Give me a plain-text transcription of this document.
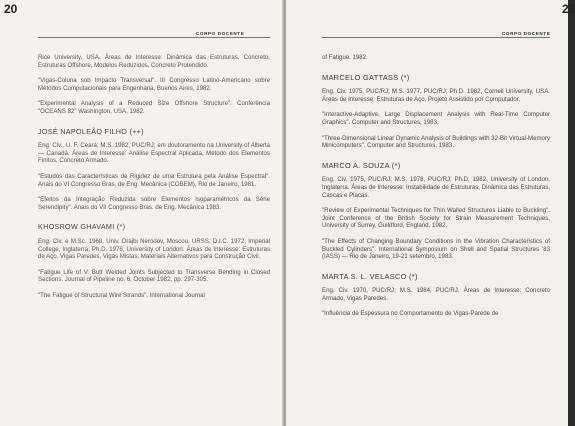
20
CORPO DOCENTE
Rice University, USA. Áreas de Interesse: Dinâmica das Estruturas, Concreto, Estruturas Offshore, Modelos Reduzidos, Concreto Protendido.
"Vigas-Coluna sob Impacto Transversal". III Congresso Latino-Americano sobre Métodos Computacionais para Engenharia, Buenos Aires, 1982.
"Experimental Analysis of a Reduced Size Offshore Structure". Conferência "OCEANS 82" Washington, USA, 1982.
JOSÉ NAPOLEÃO FILHO (++)
Eng. Civ., U. F. Ceará; M.S. 1982, PUC/RJ; em doutoramento na University of Alberta — Canadá. Áreas de Interesse: Análise Espectral Aplicada, Método dos Elementos Finitos, Concreto Armado.
"Estudos das Características de Rigidez de uma Estrutura pela Análise Espectral". Anais do VI Congresso Bras. de Eng. Mecânica (COBEM), Rio de Janeiro, 1981.
"Efeitos da Integração Reduzida sobre Elementos Isoparamétricos da Série Serendipity". Anais do VII Congresso Bras. de Eng. Mecânica 1983.
KHOSROW GHAVAMI (*)
Eng. Civ. e M.Sc. 1968, Univ. Drajbi Nerodov, Moscou, URSS; D.I.C. 1972, Imperial College, Inglaterra; Ph.D. 1976, University of London. Áreas de Interesse: Estruturas de Aço, Vigas Paredes, Vigas Mistas, Materiais Alternativos para Construção Civil.
"Fatigue Life of V. Butt Welded Joints Subjected to Transverse Bending in Closed Sections. Journal of Pipeline no. 6, October 1982, pp. 297-305.
"The Fatigue of Structural Wire Strands". International Journal
21
CORPO DOCENTE
of Fatigue. 1982.
MARCELO GATTASS (*)
Eng. Civ. 1975, PUC/RJ; M.S. 1977, PUC/RJ; Ph.D. 1982, Cornell University, USA. Áreas de Interesse: Estruturas de Aço, Projeto Assistido por Computador.
"Interactive-Adaptive, Large Displacement Analysis with Real-Time Computer Graphics". Computer and Structures, 1983.
"Three-Dimensional Linear Dynamic Analysis of Buildings with 32-Bit Virtual-Memory Minicomputers". Computer and Structures, 1983.
MARCO A. SOUZA (*)
Eng. Civ. 1975, PUC/RJ; M.S. 1978, PUC/RJ; Ph.D. 1982, University of London, Inglaterra. Áreas de Interesse: Instabilidade de Estruturas, Dinâmica das Estruturas, Cascas e Placas.
"Review of Experimental Techniques for Thin Walled Structures Liable to Buckling". Joint Conference of the British Society for Strain Measurement Techniques, University of Surrey, Guildford, England, 1982.
"The Effects of Changing Boundary Conditions in the Vibration Characteristics of Buckled Cylinders". International Symposium on Shell and Spatial Structures '83 (IASS) — Rio de Janeiro, 19-21 setembro, 1983.
MARTA S. L. VELASCO (*)
Eng. Civ. 1970, PUC/RJ; M.S. 1984, PUC/RJ. Áreas de Interesse: Concreto Armado, Vigas Paredes.
"Influência de Espessura no Comportamento de Vigas-Parede de
